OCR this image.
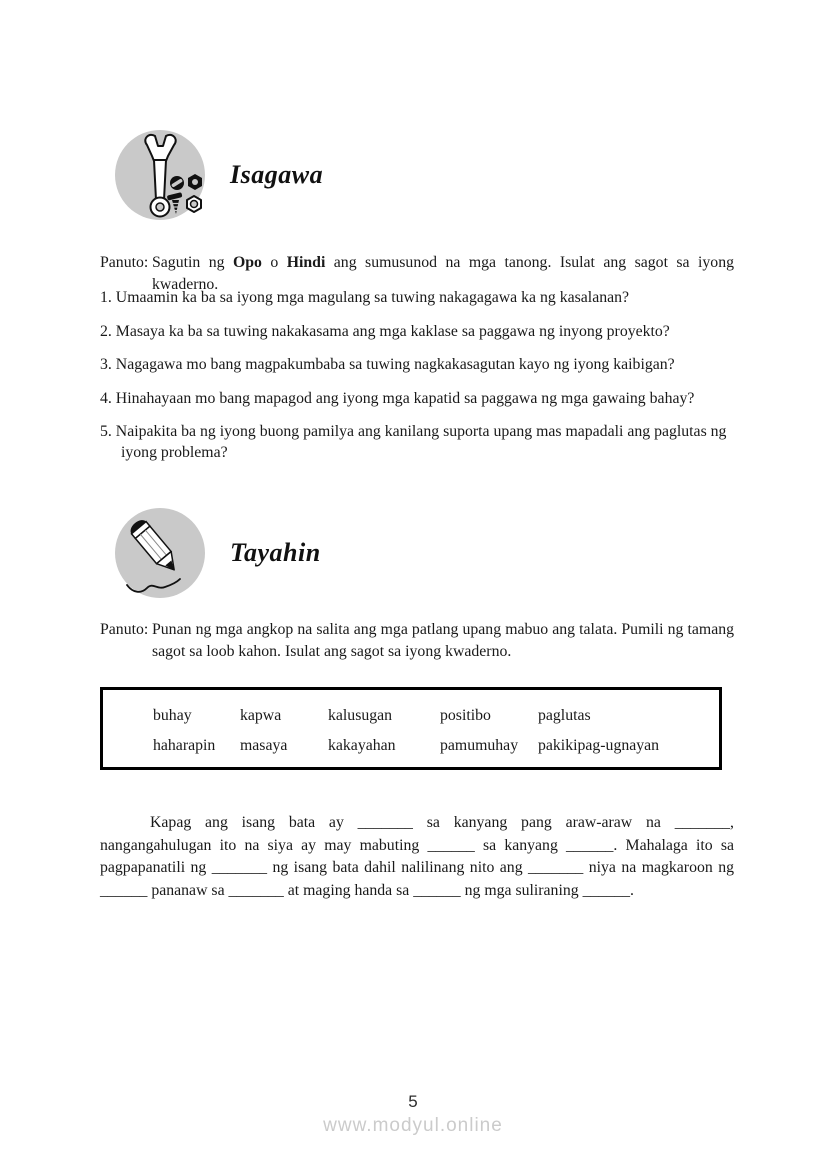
Isagawa
Panuto: Sagutin ng Opo o Hindi ang sumusunod na mga tanong. Isulat ang sagot sa iyong kwaderno.

1. Umaamin ka ba sa iyong mga magulang sa tuwing nakagagawa ka ng kasalanan?
2. Masaya ka ba sa tuwing nakakasama ang mga kaklase sa paggawa ng inyong proyekto?
3. Nagagawa mo bang magpakumbaba sa tuwing nagkakasagutan kayo ng iyong kaibigan?
4. Hinahayaan mo bang mapagod ang iyong mga kapatid sa paggawa ng mga gawaing bahay?
5. Naipakita ba ng iyong buong pamilya ang kanilang suporta upang mas mapadali ang paglutas ng iyong problema?
Tayahin
Panuto: Punan ng mga angkop na salita ang mga patlang upang mabuo ang talata. Pumili ng tamang sagot sa loob kahon. Isulat ang sagot sa iyong kwaderno.

buhay	kapwa	kalusugan	positibo	paglutas
haharapin	masaya	kakayahan	pamumuhay	pakikipag-ugnayan

Kapag ang isang bata ay _______ sa kanyang pang araw-araw na _______, nangangahulugan ito na siya ay may mabuting ______ sa kanyang ______. Mahalaga ito sa pagpapanatili ng _______ ng isang bata dahil nalilinang nito ang _______ niya na magkaroon ng ______ pananaw sa _______ at maging handa sa ______ ng mga suliraning ______.

5
www.modyul.online
